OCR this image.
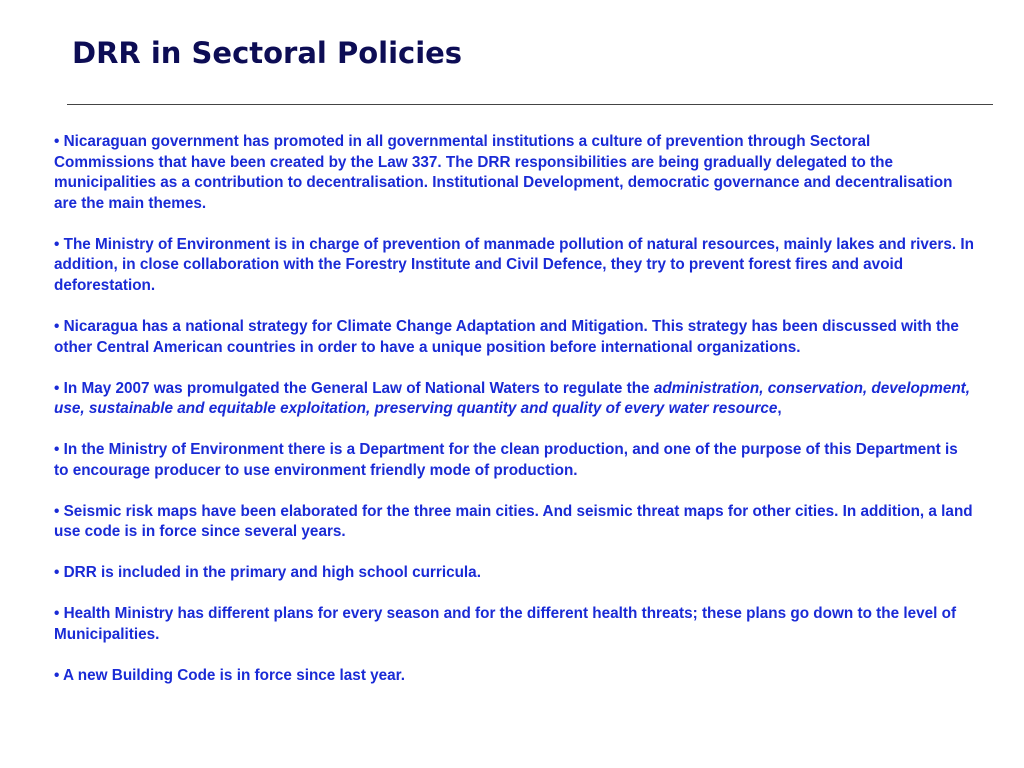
DRR in Sectoral Policies
• Nicaraguan government has promoted in all governmental institutions a culture of prevention through Sectoral Commissions that have been created by the Law 337. The DRR responsibilities are being gradually delegated to the municipalities as a contribution to decentralisation. Institutional Development, democratic governance and decentralisation are the main themes.
• The Ministry of Environment is in charge of prevention of manmade pollution of natural resources, mainly lakes and rivers. In addition, in close collaboration with the Forestry Institute and Civil Defence, they try to prevent forest fires and avoid deforestation.
• Nicaragua has a national strategy for Climate Change Adaptation and Mitigation. This strategy has been discussed with the other Central American countries in order to have a unique position before international organizations.
• In May 2007 was promulgated the General Law of National Waters to regulate the administration, conservation, development, use, sustainable and equitable exploitation, preserving quantity and quality of every water resource,
• In the Ministry of Environment there is a Department for the clean production, and one of the purpose of this Department is to encourage producer to use environment friendly mode of production.
• Seismic risk maps have been elaborated for the three main cities. And seismic threat maps for other cities. In addition, a land use code is in force since several years.
• DRR is included in the primary and high school curricula.
• Health Ministry has different plans for every season and for the different health threats; these plans go down to the level of Municipalities.
• A new Building Code is in force since last year.
